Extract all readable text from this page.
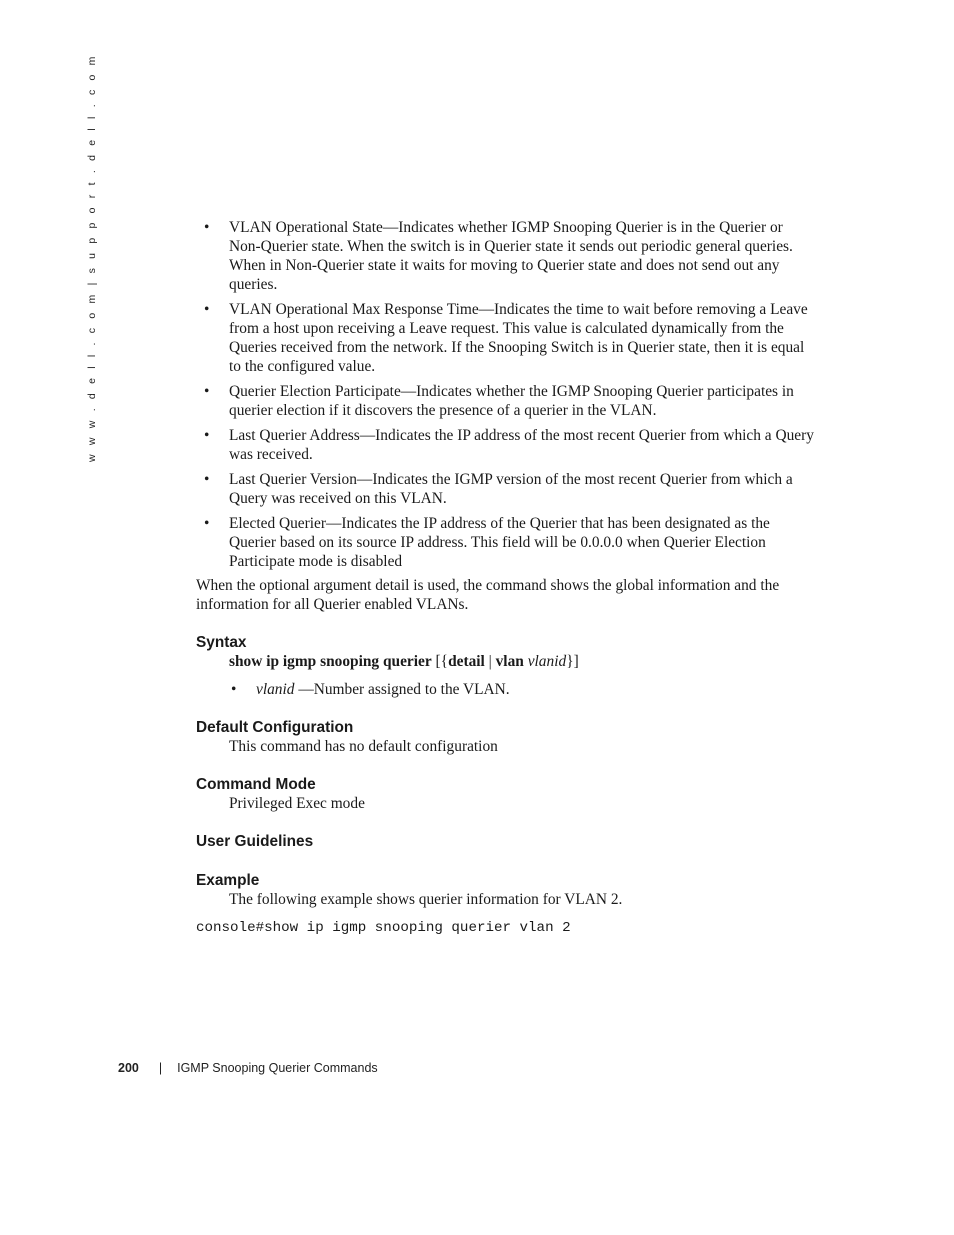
w w w . d e l l . c o m | s u p p o r t . d e l l . c o m
•	VLAN Operational State—Indicates whether IGMP Snooping Querier is in the Querier or Non-Querier state. When the switch is in Querier state it sends out periodic general queries. When in Non-Querier state it waits for moving to Querier state and does not send out any queries.
• VLAN Operational Max Response Time—Indicates the time to wait before removing a Leave from a host upon receiving a Leave request. This value is calculated dynamically from the Queries received from the network. If the Snooping Switch is in Querier state, then it is equal to the configured value.
• Querier Election Participate—Indicates whether the IGMP Snooping Querier participates in querier election if it discovers the presence of a querier in the VLAN.
• Last Querier Address—Indicates the IP address of the most recent Querier from which a Query was received.
• Last Querier Version—Indicates the IGMP version of the most recent Querier from which a Query was received on this VLAN.
• Elected Querier—Indicates the IP address of the Querier that has been designated as the Querier based on its source IP address. This field will be 0.0.0.0 when Querier Election Participate mode is disabled

When the optional argument detail is used, the command shows the global information and the information for all Querier enabled VLANs.

Syntax
show ip igmp snooping querier [{detail | vlan vlanid}]
• vlanid —Number assigned to the VLAN.
Default Configuration
This command has no default configuration
Command Mode
Privileged Exec mode
User Guidelines
Example
The following example shows querier information for VLAN 2.
console#show ip igmp snooping querier vlan 2
200 | IGMP Snooping Querier Commands
